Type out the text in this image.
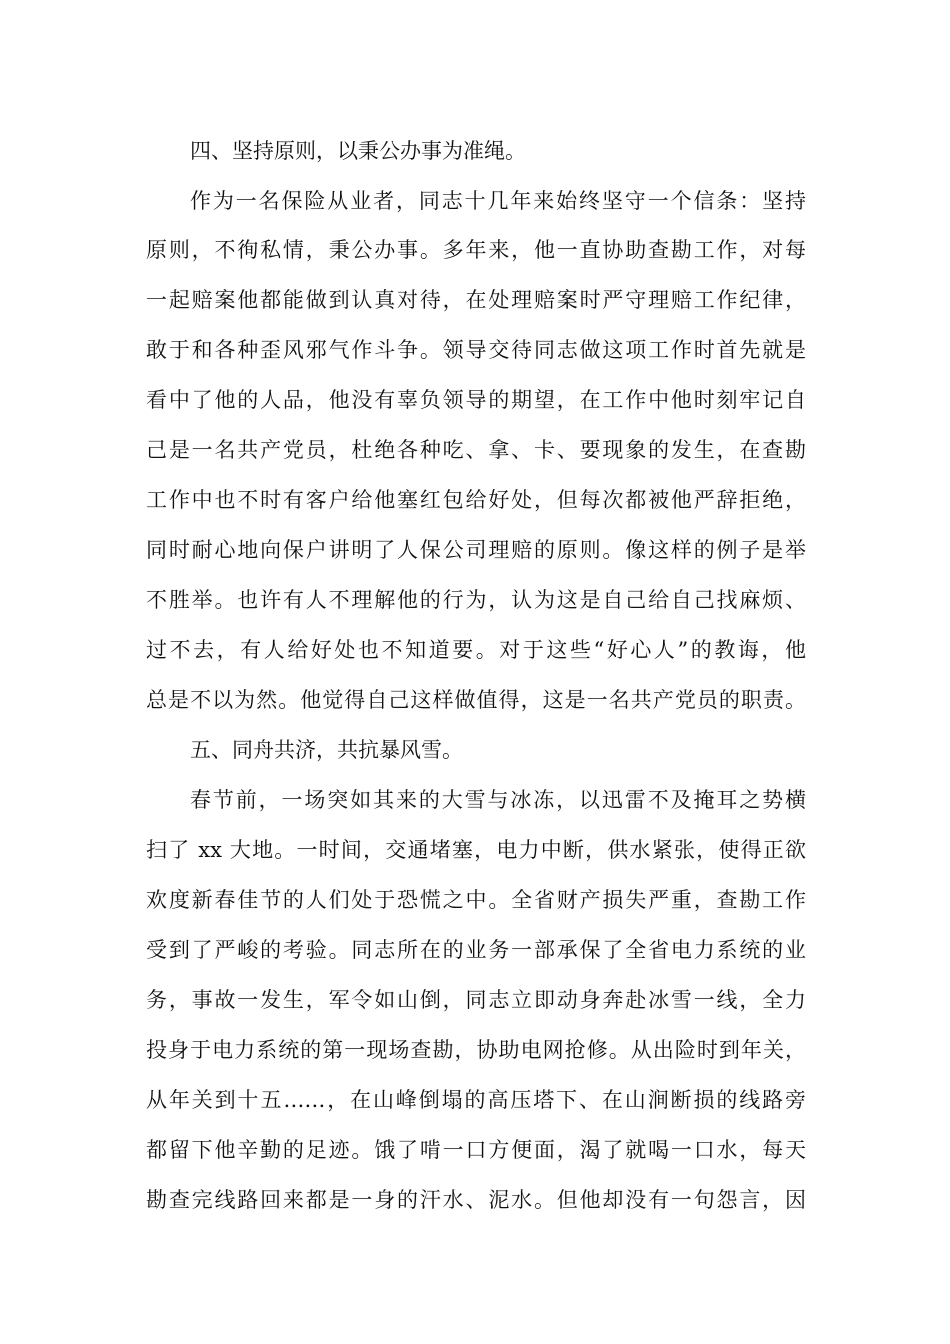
四、坚持原则，以秉公办事为准绳。
作为一名保险从业者，同志十几年来始终坚守一个信条：坚持
原则，不徇私情，秉公办事。多年来，他一直协助查勘工作，对每
一起赔案他都能做到认真对待，在处理赔案时严守理赔工作纪律，
敢于和各种歪风邪气作斗争。领导交待同志做这项工作时首先就是
看中了他的人品，他没有辜负领导的期望，在工作中他时刻牢记自
己是一名共产党员，杜绝各种吃、拿、卡、要现象的发生，在查勘
工作中也不时有客户给他塞红包给好处，但每次都被他严辞拒绝，
同时耐心地向保户讲明了人保公司理赔的原则。像这样的例子是举
不胜举。也许有人不理解他的行为，认为这是自己给自己找麻烦、
过不去，有人给好处也不知道要。对于这些“好心人”的教诲，他
总是不以为然。他觉得自己这样做值得，这是一名共产党员的职责。
五、同舟共济，共抗暴风雪。
春节前，一场突如其来的大雪与冰冻，以迅雷不及掩耳之势横
扫了 xx 大地。一时间，交通堵塞，电力中断，供水紧张，使得正欲
欢度新春佳节的人们处于恐慌之中。全省财产损失严重，查勘工作
受到了严峻的考验。同志所在的业务一部承保了全省电力系统的业
务，事故一发生，军令如山倒，同志立即动身奔赴冰雪一线，全力
投身于电力系统的第一现场查勘，协助电网抢修。从出险时到年关，
从年关到十五……，在山峰倒塌的高压塔下、在山涧断损的线路旁
都留下他辛勤的足迹。饿了啃一口方便面，渴了就喝一口水，每天
勘查完线路回来都是一身的汗水、泥水。但他却没有一句怨言，因
